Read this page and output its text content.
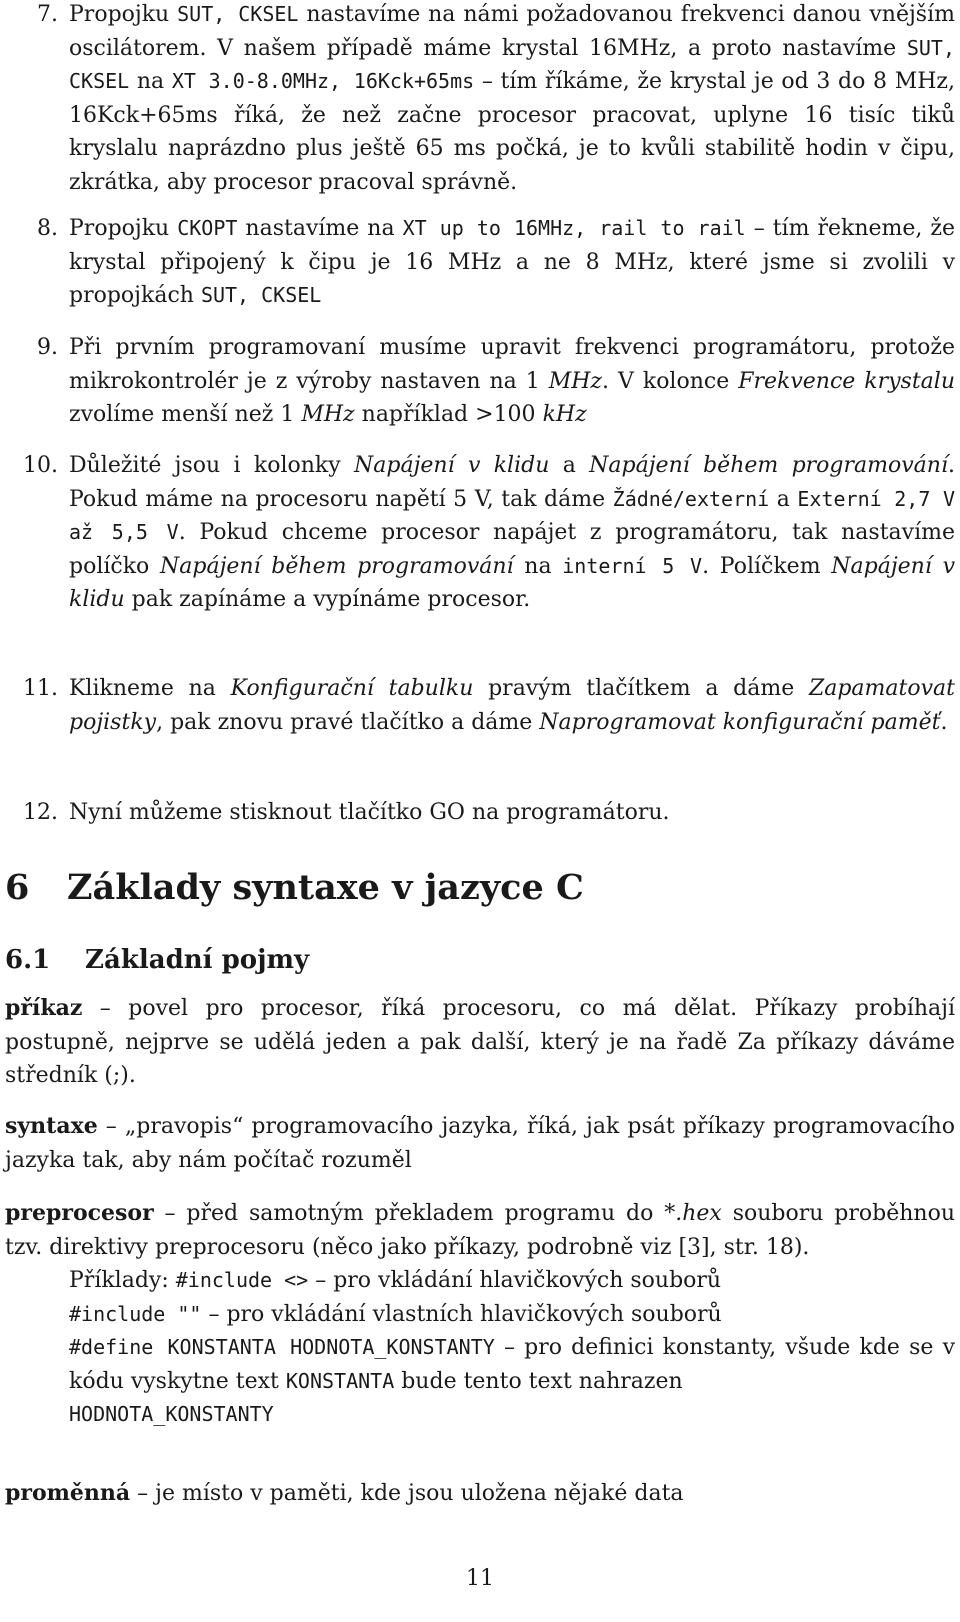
7. Propojku SUT, CKSEL nastavíme na námi požadovanou frekvenci danou vnějším oscilátorem. V našem případě máme krystal 16MHz, a proto nastavíme SUT, CKSEL na XT 3.0-8.0MHz, 16Kck+65ms – tím říkáme, že krystal je od 3 do 8 MHz, 16Kck+65ms říká, že než začne procesor pracovat, uplyne 16 tisíc tiků kryslalu naprázdno plus ještě 65 ms počká, je to kvůli stabilitě hodin v čipu, zkrátka, aby procesor pracoval správně.
8. Propojku CKOPT nastavíme na XT up to 16MHz, rail to rail – tím řekneme, že krystal připojený k čipu je 16 MHz a ne 8 MHz, které jsme si zvolili v propojkách SUT, CKSEL
9. Při prvním programovaní musíme upravit frekvenci programátoru, protože mikrokontrolér je z výroby nastaven na 1 MHz. V kolonce Frekvence krystalu zvolíme menší než 1 MHz například >100 kHz
10. Důležité jsou i kolonky Napájení v klidu a Napájení během programování. Pokud máme na procesoru napětí 5 V, tak dáme Žádné/externí a Externí 2,7 V až 5,5 V. Pokud chceme procesor napájet z programátoru, tak nastavíme políčko Napájení během programování na interní 5 V. Políčkem Napájení v klidu pak zapínáme a vypínáme procesor.
11. Klikneme na Konfigurační tabulku pravým tlačítkem a dáme Zapamatovat pojistky, pak znovu pravé tlačítko a dáme Naprogramovat konfigurační paměť.
12. Nyní můžeme stisknout tlačítko GO na programátoru.
6 Základy syntaxe v jazyce C
6.1 Základní pojmy
příkaz – povel pro procesor, říká procesoru, co má dělat. Příkazy probíhají postupně, nejprve se udělá jeden a pak další, který je na řadě Za příkazy dáváme středník (;).
syntaxe – „pravopis“ programovacího jazyka, říká, jak psát příkazy programovacího jazyka tak, aby nám počítač rozuměl
preprocesor – před samotným překladem programu do *.hex souboru proběhnou tzv. direktivy preprocesoru (něco jako příkazy, podrobně viz [3], str. 18).
Příklady: #include <> – pro vkládání hlavičkových souborů
#include "" – pro vkládání vlastních hlavičkových souborů
#define KONSTANTA HODNOTA_KONSTANTY – pro definici konstanty, všude kde se v kódu vyskytne text KONSTANTA bude tento text nahrazen
HODNOTA_KONSTANTY
proměnná – je místo v paměti, kde jsou uložena nějaké data
11
